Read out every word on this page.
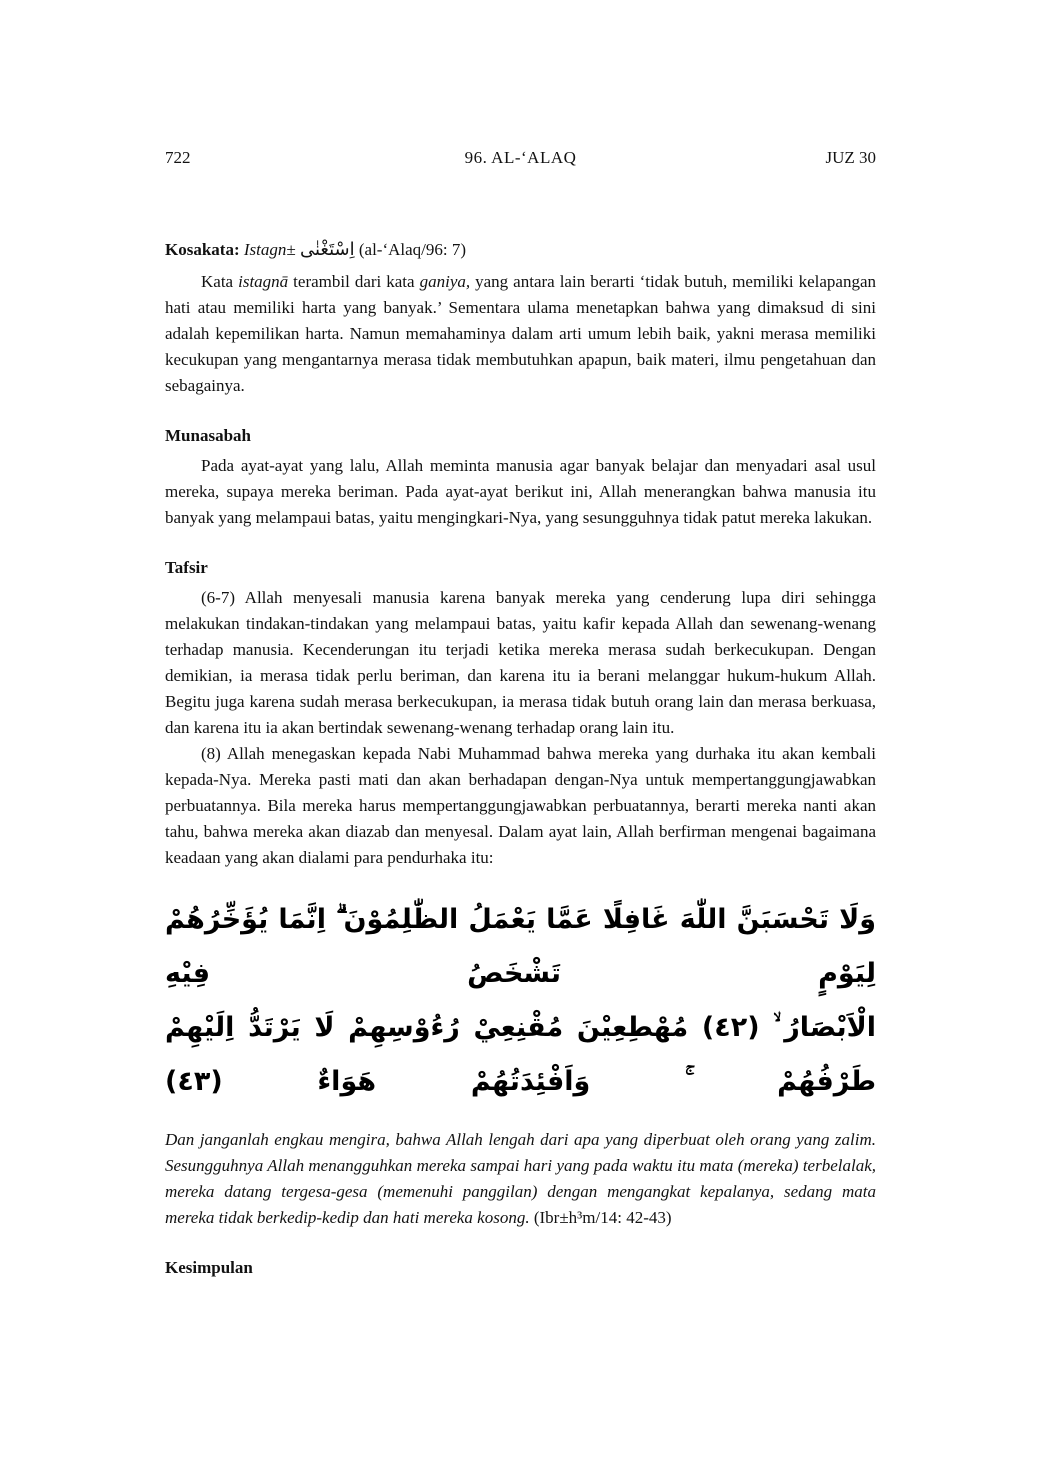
722	96. AL-‘ALAQ	JUZ 30

Kosakata: Istagn± اِسْتَغْنٰى (al-‘Alaq/96: 7)

Kata istagnā terambil dari kata ganiya, yang antara lain berarti ‘tidak butuh, memiliki kelapangan hati atau memiliki harta yang banyak.’ Sementara ulama menetapkan bahwa yang dimaksud di sini adalah kepemilikan harta. Namun memahaminya dalam arti umum lebih baik, yakni merasa memiliki kecukupan yang mengantarnya merasa tidak membutuhkan apapun, baik materi, ilmu pengetahuan dan sebagainya.

Munasabah

Pada ayat-ayat yang lalu, Allah meminta manusia agar banyak belajar dan menyadari asal usul mereka, supaya mereka beriman. Pada ayat-ayat berikut ini, Allah menerangkan bahwa manusia itu banyak yang melampaui batas, yaitu mengingkari-Nya, yang sesungguhnya tidak patut mereka lakukan.

Tafsir

(6-7) Allah menyesali manusia karena banyak mereka yang cenderung lupa diri sehingga melakukan tindakan-tindakan yang melampaui batas, yaitu kafir kepada Allah dan sewenang-wenang terhadap manusia. Kecenderungan itu terjadi ketika mereka merasa sudah berkecukupan. Dengan demikian, ia merasa tidak perlu beriman, dan karena itu ia berani melanggar hukum-hukum Allah. Begitu juga karena sudah merasa berkecukupan, ia merasa tidak butuh orang lain dan merasa berkuasa, dan karena itu ia akan bertindak sewenang-wenang terhadap orang lain itu.

(8) Allah menegaskan kepada Nabi Muhammad bahwa mereka yang durhaka itu akan kembali kepada-Nya. Mereka pasti mati dan akan berhadapan dengan-Nya untuk mempertanggungjawabkan perbuatannya. Bila mereka harus mempertanggungjawabkan perbuatannya, berarti mereka nanti akan tahu, bahwa mereka akan diazab dan menyesal. Dalam ayat lain, Allah berfirman mengenai bagaimana keadaan yang akan dialami para pendurhaka itu:

وَلَا تَحْسَبَنَّ اللّٰهَ غَافِلًا عَمَّا يَعْمَلُ الظّٰلِمُوْنَ ۗ اِنَّمَا يُؤَخِّرُهُمْ لِيَوْمٍ تَشْخَصُ فِيْهِ
الْاَبْصَارُ ۙ (٤٢) مُهْطِعِيْنَ مُقْنِعِيْ رُءُوْسِهِمْ لَا يَرْتَدُّ اِلَيْهِمْ طَرْفُهُمْ ۚ وَاَفْئِدَتُهُمْ هَوَاءٌ (٤٣)

Dan janganlah engkau mengira, bahwa Allah lengah dari apa yang diperbuat oleh orang yang zalim. Sesungguhnya Allah menangguhkan mereka sampai hari yang pada waktu itu mata (mereka) terbelalak, mereka datang tergesa-gesa (memenuhi panggilan) dengan mengangkat kepalanya, sedang mata mereka tidak berkedip-kedip dan hati mereka kosong. (Ibr±h³m/14: 42-43)

Kesimpulan
